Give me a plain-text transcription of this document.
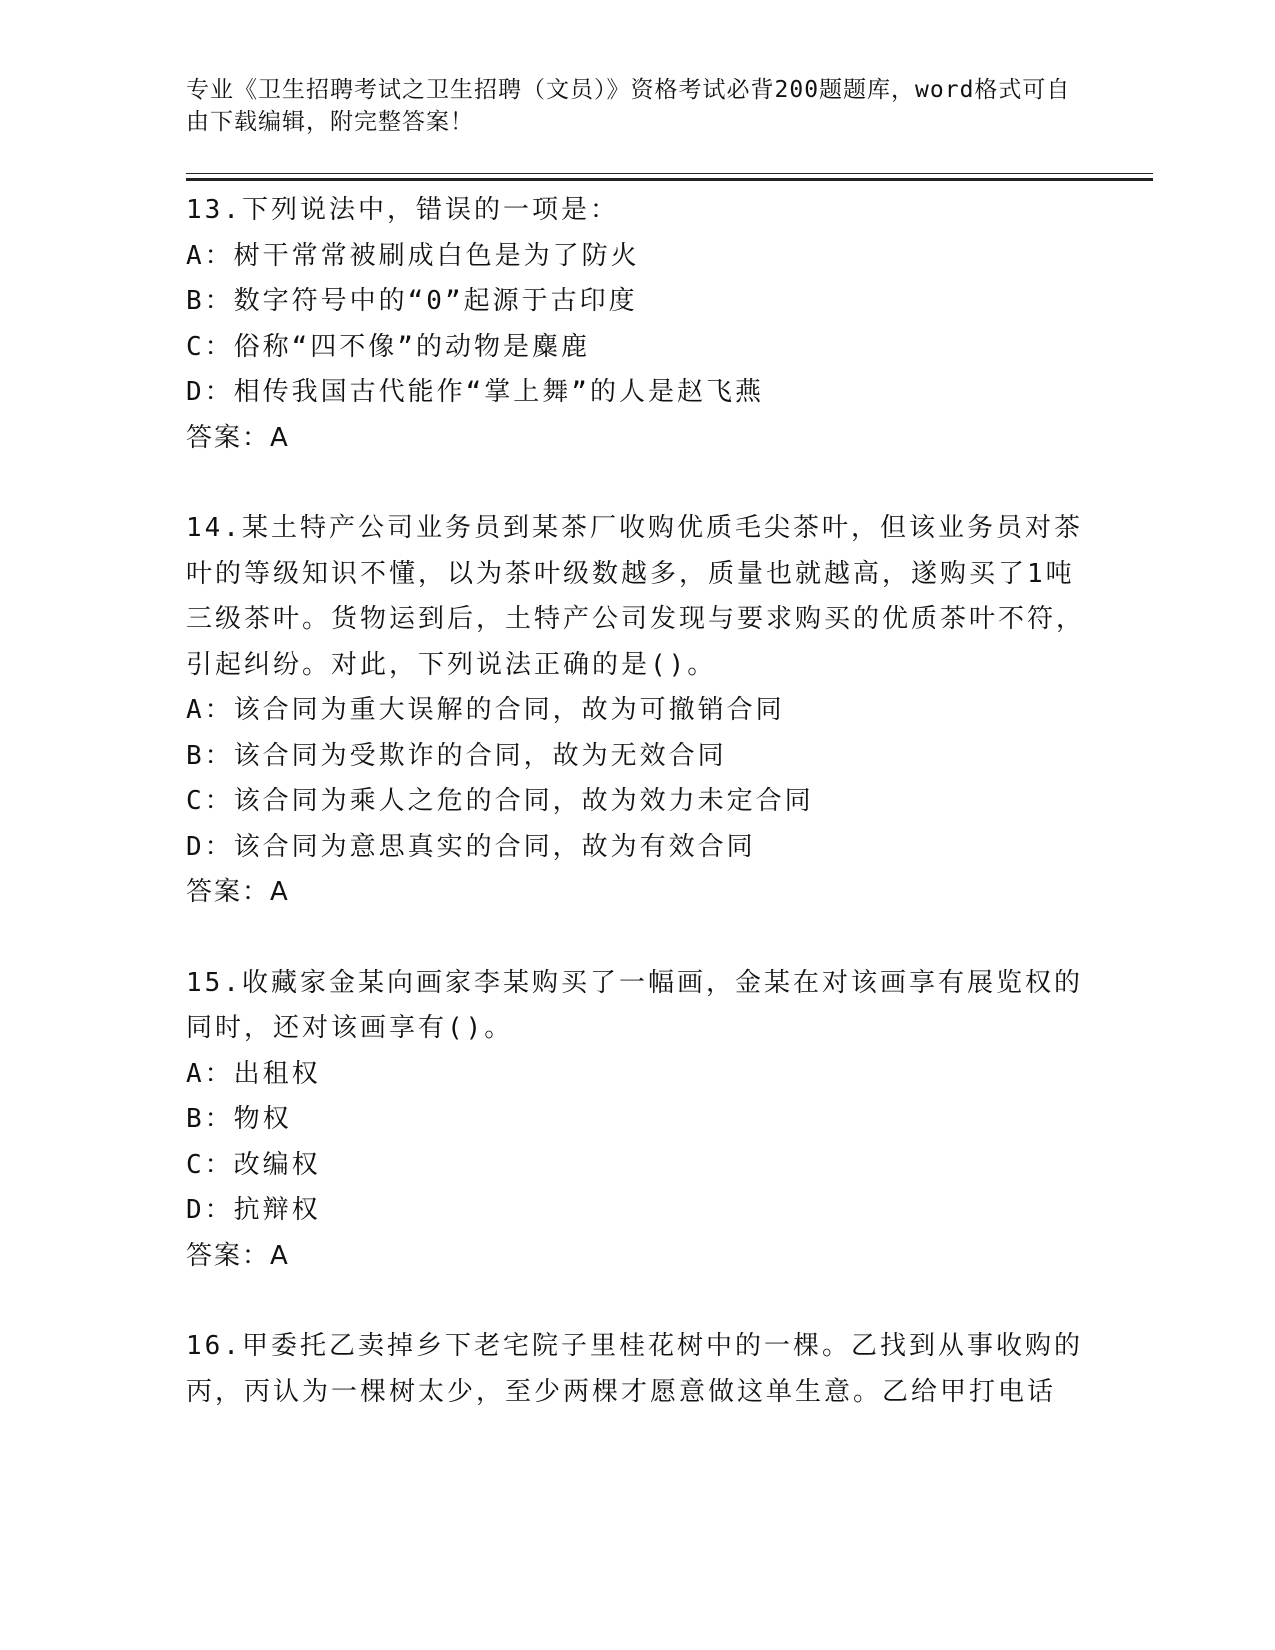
专业《卫生招聘考试之卫生招聘（文员）》资格考试必背200题题库，word格式可自由下载编辑，附完整答案！
13.下列说法中，错误的一项是：
A：树干常常被刷成白色是为了防火
B：数字符号中的“0”起源于古印度
C：俗称“四不像”的动物是麋鹿
D：相传我国古代能作“掌上舞”的人是赵飞燕
答案：A
14.某土特产公司业务员到某茶厂收购优质毛尖茶叶，但该业务员对茶叶的等级知识不懂，以为茶叶级数越多，质量也就越高，遂购买了1吨三级茶叶。货物运到后，土特产公司发现与要求购买的优质茶叶不符，引起纠纷。对此，下列说法正确的是()。
A：该合同为重大误解的合同，故为可撤销合同
B：该合同为受欺诈的合同，故为无效合同
C：该合同为乘人之危的合同，故为效力未定合同
D：该合同为意思真实的合同，故为有效合同
答案：A
15.收藏家金某向画家李某购买了一幅画，金某在对该画享有展览权的同时，还对该画享有()。
A：出租权
B：物权
C：改编权
D：抗辩权
答案：A
16.甲委托乙卖掉乡下老宅院子里桂花树中的一棵。乙找到从事收购的丙，丙认为一棵树太少，至少两棵才愿意做这单生意。乙给甲打电话
